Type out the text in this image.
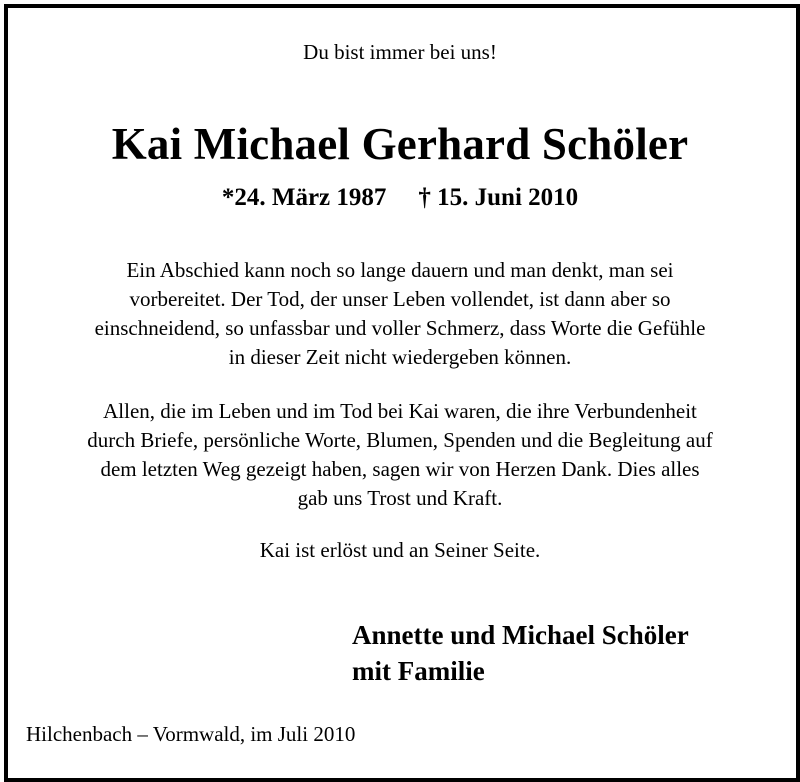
Du bist immer bei uns!
Kai Michael Gerhard Schöler
*24. März 1987 † 15. Juni 2010
Ein Abschied kann noch so lange dauern und man denkt, man sei
vorbereitet. Der Tod, der unser Leben vollendet, ist dann aber so
einschneidend, so unfassbar und voller Schmerz, dass Worte die Gefühle
in dieser Zeit nicht wiedergeben können.
Allen, die im Leben und im Tod bei Kai waren, die ihre Verbundenheit
durch Briefe, persönliche Worte, Blumen, Spenden und die Begleitung auf
dem letzten Weg gezeigt haben, sagen wir von Herzen Dank. Dies alles
gab uns Trost und Kraft.
Kai ist erlöst und an Seiner Seite.
Annette und Michael Schöler
mit Familie
Hilchenbach – Vormwald, im Juli 2010
